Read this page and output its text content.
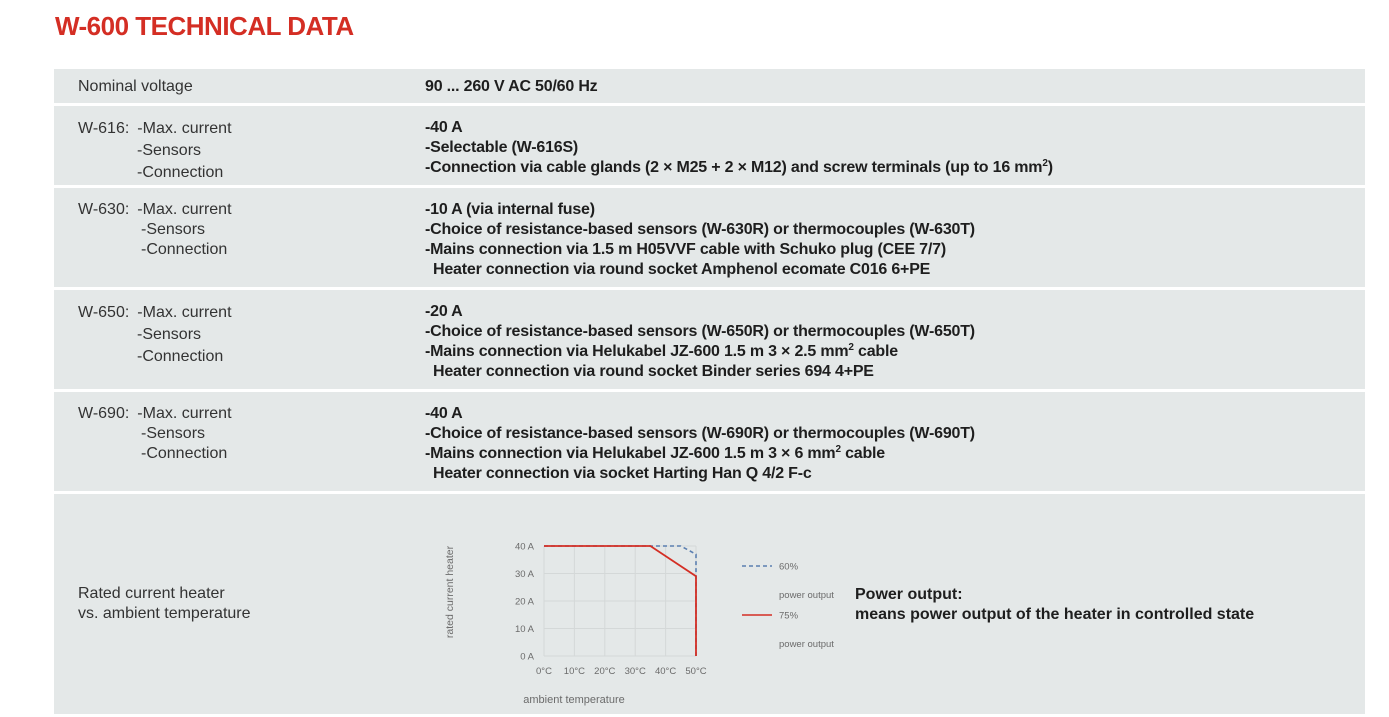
W-600 TECHNICAL DATA
Nominal voltage	90 ... 260 V AC 50/60 Hz
W-616: -Max. current
-Sensors
-Connection
-40 A
-Selectable (W-616S)
-Connection via cable glands (2 × M25 + 2 × M12) and screw terminals (up to 16 $mm^2$)
W-630: -Max. current
-Sensors
-Connection
-10 A (via internal fuse)
-Choice of resistance-based sensors (W-630R) or thermocouples (W-630T)
-Mains connection via 1.5 m H05VVF cable with Schuko plug (CEE 7/7)
Heater connection via round socket Amphenol ecomate C016 6+PE
W-650: -Max. current
-Sensors
-Connection
-20 A
-Choice of resistance-based sensors (W-650R) or thermocouples (W-650T)
-Mains connection via Helukabel JZ-600 1.5 m 3 × 2.5 $mm^2$ cable
Heater connection via round socket Binder series 694 4+PE
W-690: -Max. current
-Sensors
-Connection
-40 A
-Choice of resistance-based sensors (W-690R) or thermocouples (W-690T)
-Mains connection via Helukabel JZ-600 1.5 m 3 × 6 $mm^2$ cable
Heater connection via socket Harting Han Q 4/2 F-c
Rated current heater
vs. ambient temperature
0 A
10 A
20 A
30 A
40 A
0°C 10°C 20°C 30°C 40°C 50°C
rated current heater
ambient temperature
60%
power output
75%
power output
Power output:
means power output of the heater in controlled state
